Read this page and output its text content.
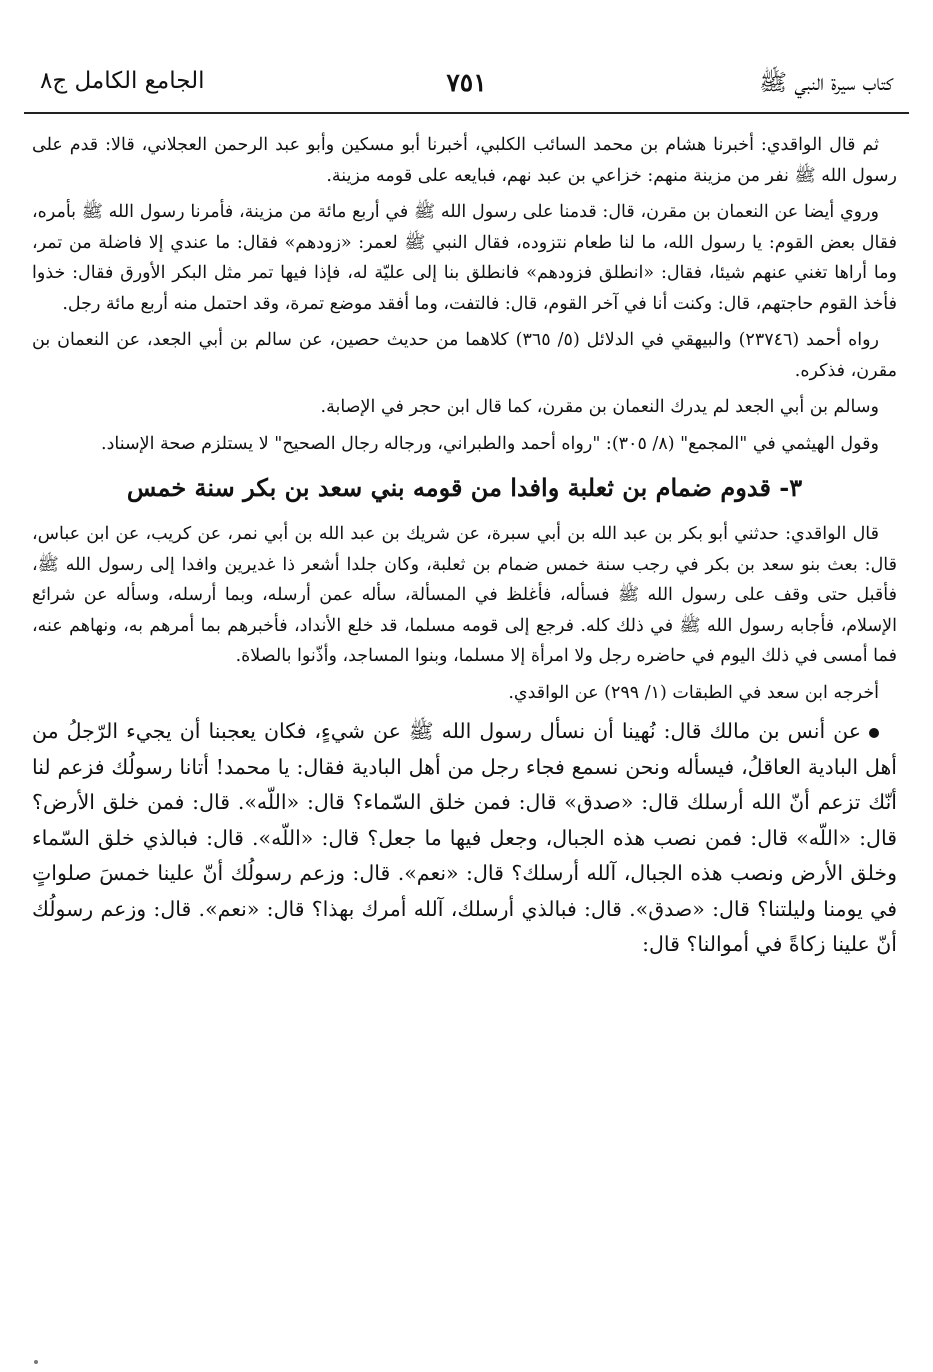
كتاب سيرة النبي ﷺ
٧٥١
الجامع الكامل ج٨

ثم قال الواقدي: أخبرنا هشام بن محمد السائب الكلبي، أخبرنا أبو مسكين وأبو عبد الرحمن العجلاني، قالا: قدم على رسول الله ﷺ نفر من مزينة منهم: خزاعي بن عبد نهم، فبايعه على قومه مزينة.

وروي أيضا عن النعمان بن مقرن، قال: قدمنا على رسول الله ﷺ في أربع مائة من مزينة، فأمرنا رسول الله ﷺ بأمره، فقال بعض القوم: يا رسول الله، ما لنا طعام نتزوده، فقال النبي ﷺ لعمر: «زودهم» فقال: ما عندي إلا فاضلة من تمر، وما أراها تغني عنهم شيئا، فقال: «انطلق فزودهم» فانطلق بنا إلى عليّة له، فإذا فيها تمر مثل البكر الأورق فقال: خذوا فأخذ القوم حاجتهم، قال: وكنت أنا في آخر القوم، قال: فالتفت، وما أفقد موضع تمرة، وقد احتمل منه أربع مائة رجل.

رواه أحمد (٢٣٧٤٦) والبيهقي في الدلائل (٥/ ٣٦٥) كلاهما من حديث حصين، عن سالم بن أبي الجعد، عن النعمان بن مقرن، فذكره.

وسالم بن أبي الجعد لم يدرك النعمان بن مقرن، كما قال ابن حجر في الإصابة.

وقول الهيثمي في "المجمع" (٨/ ٣٠٥): "رواه أحمد والطبراني، ورجاله رجال الصحيح" لا يستلزم صحة الإسناد.

٣- قدوم ضمام بن ثعلبة وافدا من قومه بني سعد بن بكر سنة خمس

قال الواقدي: حدثني أبو بكر بن عبد الله بن أبي سبرة، عن شريك بن عبد الله بن أبي نمر، عن كريب، عن ابن عباس، قال: بعث بنو سعد بن بكر في رجب سنة خمس ضمام بن ثعلبة، وكان جلدا أشعر ذا غديرين وافدا إلى رسول الله ﷺ، فأقبل حتى وقف على رسول الله ﷺ فسأله، فأغلظ في المسألة، سأله عمن أرسله، وبما أرسله، وسأله عن شرائع الإسلام، فأجابه رسول الله ﷺ في ذلك كله. فرجع إلى قومه مسلما، قد خلع الأنداد، فأخبرهم بما أمرهم به، ونهاهم عنه، فما أمسى في ذلك اليوم في حاضره رجل ولا امرأة إلا مسلما، وبنوا المساجد، وأذّنوا بالصلاة.

أخرجه ابن سعد في الطبقات (١/ ٢٩٩) عن الواقدي.

عن أنس بن مالك قال: نُهينا أن نسأل رسول الله ﷺ عن شيءٍ، فكان يعجبنا أن يجيء الرّجلُ من أهل البادية العاقلُ، فيسأله ونحن نسمع فجاء رجل من أهل البادية فقال: يا محمد! أتانا رسولُك فزعم لنا أنّك تزعم أنّ الله أرسلك قال: «صدق» قال: فمن خلق السّماء؟ قال: «اللّه». قال: فمن خلق الأرض؟ قال: «اللّه» قال: فمن نصب هذه الجبال، وجعل فيها ما جعل؟ قال: «اللّه». قال: فبالذي خلق السّماء وخلق الأرض ونصب هذه الجبال، آلله أرسلك؟ قال: «نعم». قال: وزعم رسولُك أنّ علينا خمسَ صلواتٍ في يومنا وليلتنا؟ قال: «صدق». قال: فبالذي أرسلك، آلله أمرك بهذا؟ قال: «نعم». قال: وزعم رسولُك أنّ علينا زكاةً في أموالنا؟ قال:
